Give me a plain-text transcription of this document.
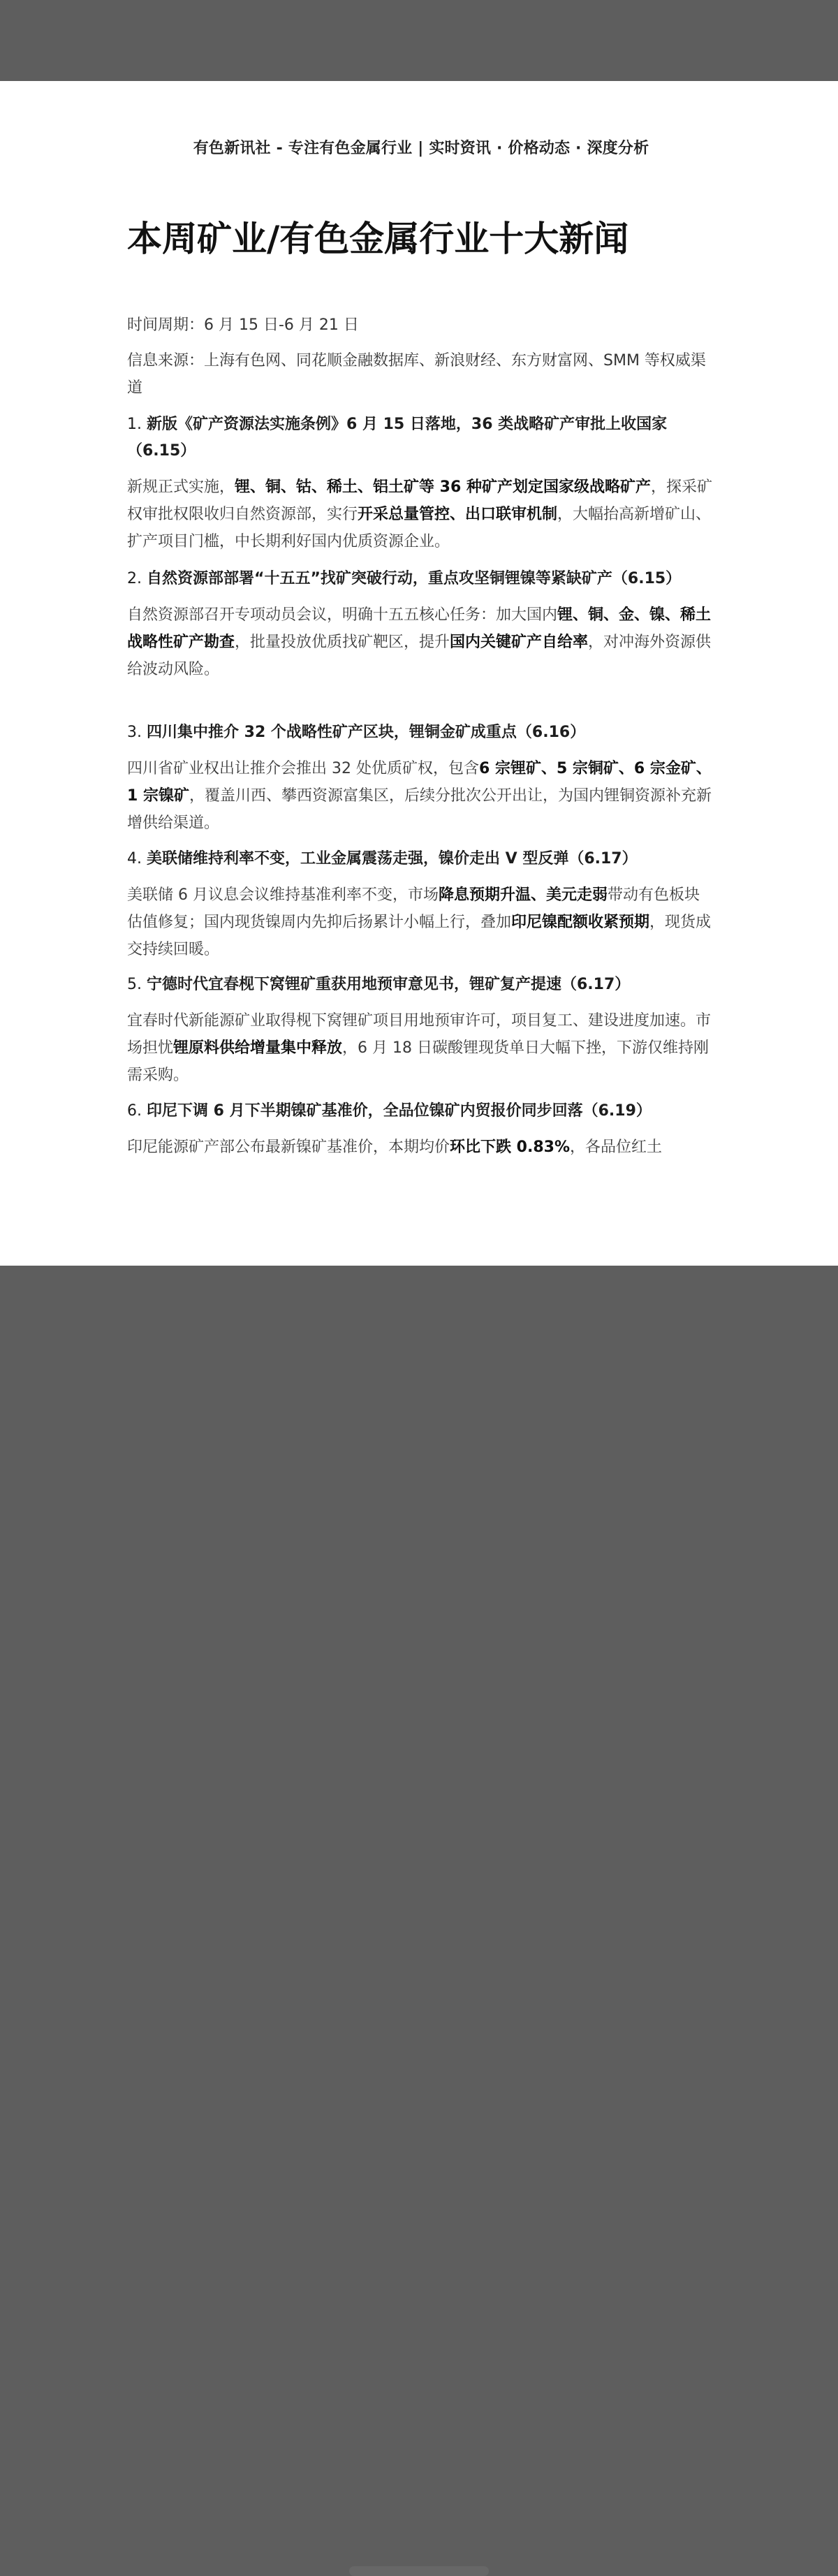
有色新讯社 - 专注有色金属行业 | 实时资讯 · 价格动态 · 深度分析
本周矿业/有色金属行业十大新闻
时间周期：6 月 15 日-6 月 21 日
信息来源：上海有色网、同花顺金融数据库、新浪财经、东方财富网、SMM 等权威渠道

1. 新版《矿产资源法实施条例》6 月 15 日落地，36 类战略矿产审批上收国家（6.15）

新规正式实施，锂、铜、钴、稀土、铝土矿等 36 种矿产划定国家级战略矿产，探采矿权审批权限收归自然资源部，实行开采总量管控、出口联审机制，大幅抬高新增矿山、扩产项目门槛，中长期利好国内优质资源企业。

2. 自然资源部部署“十五五”找矿突破行动，重点攻坚铜锂镍等紧缺矿产（6.15）

自然资源部召开专项动员会议，明确十五五核心任务：加大国内锂、铜、金、镍、稀土战略性矿产勘查，批量投放优质找矿靶区，提升国内关键矿产自给率，对冲海外资源供给波动风险。

3. 四川集中推介 32 个战略性矿产区块，锂铜金矿成重点（6.16）

四川省矿业权出让推介会推出 32 处优质矿权，包含6 宗锂矿、5 宗铜矿、6 宗金矿、1 宗镍矿，覆盖川西、攀西资源富集区，后续分批次公开出让，为国内锂铜资源补充新增供给渠道。

4. 美联储维持利率不变，工业金属震荡走强，镍价走出 V 型反弹（6.17）

美联储 6 月议息会议维持基准利率不变，市场降息预期升温、美元走弱带动有色板块估值修复；国内现货镍周内先抑后扬累计小幅上行，叠加印尼镍配额收紧预期，现货成交持续回暖。

5. 宁德时代宜春枧下窝锂矿重获用地预审意见书，锂矿复产提速（6.17）

宜春时代新能源矿业取得枧下窝锂矿项目用地预审许可，项目复工、建设进度加速。市场担忧锂原料供给增量集中释放，6 月 18 日碳酸锂现货单日大幅下挫，下游仅维持刚需采购。

6. 印尼下调 6 月下半期镍矿基准价，全品位镍矿内贸报价同步回落（6.19）

印尼能源矿产部公布最新镍矿基准价，本期均价环比下跌 0.83%，各品位红土
